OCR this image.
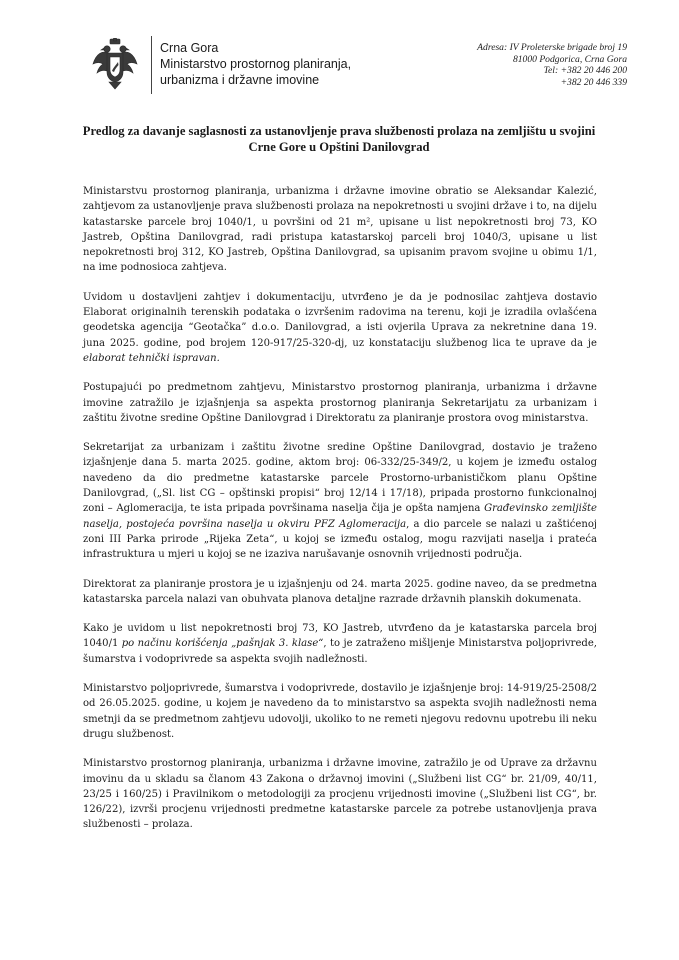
Crna Gora
Ministarstvo prostornog planiranja,
urbanizma i državne imovine
Adresa: IV Proleterske brigade broj 19
81000 Podgorica, Crna Gora
Tel: +382 20 446 200
+382 20 446 339
Predlog za davanje saglasnosti za ustanovljenje prava službenosti prolaza na zemljištu u svojini Crne Gore u Opštini Danilovgrad

Ministarstvu prostornog planiranja, urbanizma i državne imovine obratio se Aleksandar Kalezić, zahtjevom za ustanovljenje prava službenosti prolaza na nepokretnosti u svojini države i to, na dijelu katastarske parcele broj 1040/1, u površini od 21 m², upisane u list nepokretnosti broj 73, KO Jastreb, Opština Danilovgrad, radi pristupa katastarskoj parceli broj 1040/3, upisane u list nepokretnosti broj 312, KO Jastreb, Opština Danilovgrad, sa upisanim pravom svojine u obimu 1/1, na ime podnosioca zahtjeva.

Uvidom u dostavljeni zahtjev i dokumentaciju, utvrđeno je da je podnosilac zahtjeva dostavio Elaborat originalnih terenskih podataka o izvršenim radovima na terenu, koji je izradila ovlašćena geodetska agencija “Geotačka” d.o.o. Danilovgrad, a isti ovjerila Uprava za nekretnine dana 19. juna 2025. godine, pod brojem 120-917/25-320-dj, uz konstataciju službenog lica te uprave da je elaborat tehnički ispravan.

Postupajući po predmetnom zahtjevu, Ministarstvo prostornog planiranja, urbanizma i državne imovine zatražilo je izjašnjenja sa aspekta prostornog planiranja Sekretarijatu za urbanizam i zaštitu životne sredine Opštine Danilovgrad i Direktoratu za planiranje prostora ovog ministarstva.

Sekretarijat za urbanizam i zaštitu životne sredine Opštine Danilovgrad, dostavio je traženo izjašnjenje dana 5. marta 2025. godine, aktom broj: 06-332/25-349/2, u kojem je između ostalog navedeno da dio predmetne katastarske parcele Prostorno-urbanističkom planu Opštine Danilovgrad, („Sl. list CG – opštinski propisi“ broj 12/14 i 17/18), pripada prostorno funkcionalnoj zoni – Aglomeracija, te ista pripada površinama naselja čija je opšta namjena Građevinsko zemljište naselja, postojeća površina naselja u okviru PFZ Aglomeracija, a dio parcele se nalazi u zaštićenoj zoni III Parka prirode „Rijeka Zeta“, u kojoj se između ostalog, mogu razvijati naselja i prateća infrastruktura u mjeri u kojoj se ne izaziva narušavanje osnovnih vrijednosti područja.

Direktorat za planiranje prostora je u izjašnjenju od 24. marta 2025. godine naveo, da se predmetna katastarska parcela nalazi van obuhvata planova detaljne razrade državnih planskih dokumenata.

Kako je uvidom u list nepokretnosti broj 73, KO Jastreb, utvrđeno da je katastarska parcela broj 1040/1 po načinu korišćenja „pašnjak 3. klase“, to je zatraženo mišljenje Ministarstva poljoprivrede, šumarstva i vodoprivrede sa aspekta svojih nadležnosti.

Ministarstvo poljoprivrede, šumarstva i vodoprivrede, dostavilo je izjašnjenje broj: 14-919/25-2508/2 od 26.05.2025. godine, u kojem je navedeno da to ministarstvo sa aspekta svojih nadležnosti nema smetnji da se predmetnom zahtjevu udovolji, ukoliko to ne remeti njegovu redovnu upotrebu ili neku drugu službenost.

Ministarstvo prostornog planiranja, urbanizma i državne imovine, zatražilo je od Uprave za državnu imovinu da u skladu sa članom 43 Zakona o državnoj imovini („Službeni list CG“ br. 21/09, 40/11, 23/25 i 160/25) i Pravilnikom o metodologiji za procjenu vrijednosti imovine („Službeni list CG“, br. 126/22), izvrši procjenu vrijednosti predmetne katastarske parcele za potrebe ustanovljenja prava službenosti – prolaza.
